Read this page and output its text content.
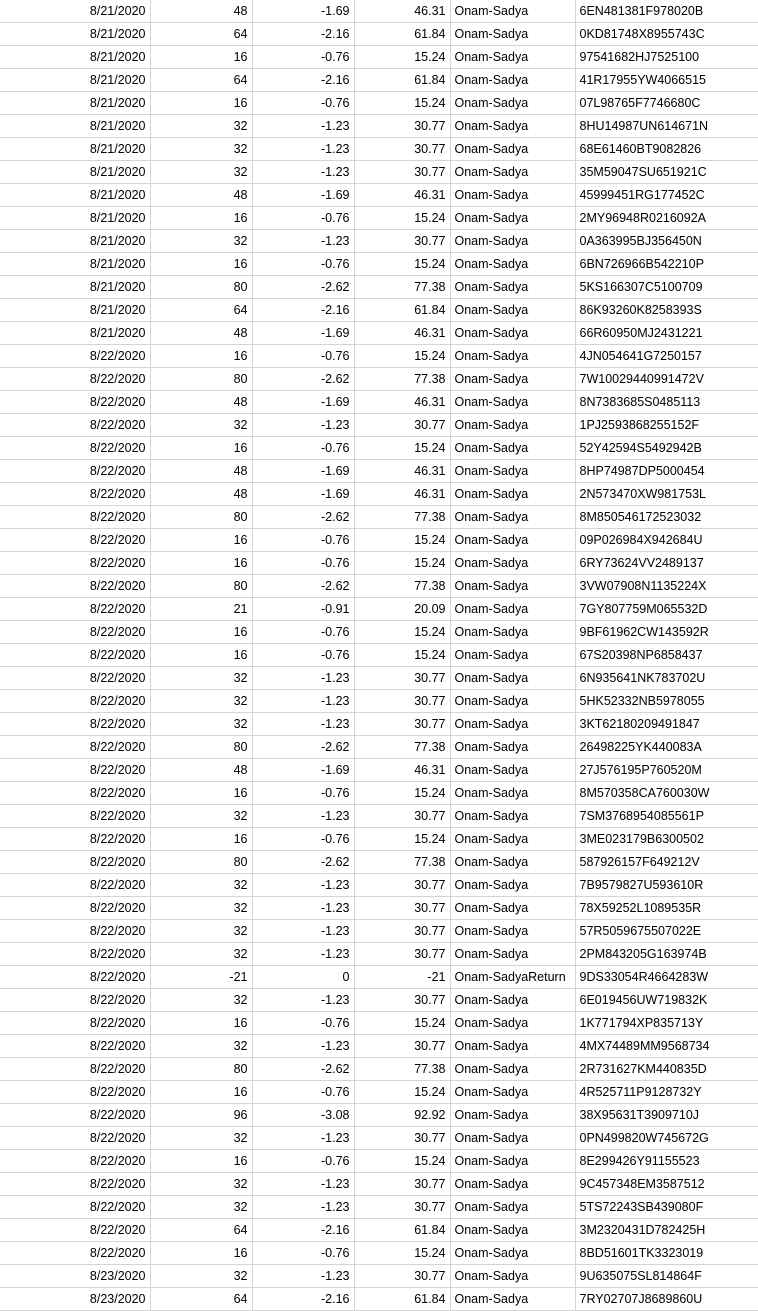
8/21/2020	48	-1.69	46.31	Onam-Sadya	6EN481381F978020B
8/21/2020	64	-2.16	61.84	Onam-Sadya	0KD81748X8955743C
8/21/2020	16	-0.76	15.24	Onam-Sadya	97541682HJ7525100
8/21/2020	64	-2.16	61.84	Onam-Sadya	41R17955YW4066515
8/21/2020	16	-0.76	15.24	Onam-Sadya	07L98765F7746680C
8/21/2020	32	-1.23	30.77	Onam-Sadya	8HU14987UN614671N
8/21/2020	32	-1.23	30.77	Onam-Sadya	68E61460BT9082826
8/21/2020	32	-1.23	30.77	Onam-Sadya	35M59047SU651921C
8/21/2020	48	-1.69	46.31	Onam-Sadya	45999451RG177452C
8/21/2020	16	-0.76	15.24	Onam-Sadya	2MY96948R0216092A
8/21/2020	32	-1.23	30.77	Onam-Sadya	0A363995BJ356450N
8/21/2020	16	-0.76	15.24	Onam-Sadya	6BN726966B542210P
8/21/2020	80	-2.62	77.38	Onam-Sadya	5KS166307C5100709
8/21/2020	64	-2.16	61.84	Onam-Sadya	86K93260K8258393S
8/21/2020	48	-1.69	46.31	Onam-Sadya	66R60950MJ2431221
8/22/2020	16	-0.76	15.24	Onam-Sadya	4JN054641G7250157
8/22/2020	80	-2.62	77.38	Onam-Sadya	7W10029440991472V
8/22/2020	48	-1.69	46.31	Onam-Sadya	8N7383685S0485113
8/22/2020	32	-1.23	30.77	Onam-Sadya	1PJ2593868255152F
8/22/2020	16	-0.76	15.24	Onam-Sadya	52Y42594S5492942B
8/22/2020	48	-1.69	46.31	Onam-Sadya	8HP74987DP5000454
8/22/2020	48	-1.69	46.31	Onam-Sadya	2N573470XW981753L
8/22/2020	80	-2.62	77.38	Onam-Sadya	8M850546172523032
8/22/2020	16	-0.76	15.24	Onam-Sadya	09P026984X942684U
8/22/2020	16	-0.76	15.24	Onam-Sadya	6RY73624VV2489137
8/22/2020	80	-2.62	77.38	Onam-Sadya	3VW07908N1135224X
8/22/2020	21	-0.91	20.09	Onam-Sadya	7GY807759M065532D
8/22/2020	16	-0.76	15.24	Onam-Sadya	9BF61962CW143592R
8/22/2020	16	-0.76	15.24	Onam-Sadya	67S20398NP6858437
8/22/2020	32	-1.23	30.77	Onam-Sadya	6N935641NK783702U
8/22/2020	32	-1.23	30.77	Onam-Sadya	5HK52332NB5978055
8/22/2020	32	-1.23	30.77	Onam-Sadya	3KT62180209491847
8/22/2020	80	-2.62	77.38	Onam-Sadya	26498225YK440083A
8/22/2020	48	-1.69	46.31	Onam-Sadya	27J576195P760520M
8/22/2020	16	-0.76	15.24	Onam-Sadya	8M570358CA760030W
8/22/2020	32	-1.23	30.77	Onam-Sadya	7SM3768954085561P
8/22/2020	16	-0.76	15.24	Onam-Sadya	3ME023179B6300502
8/22/2020	80	-2.62	77.38	Onam-Sadya	587926157F649212V
8/22/2020	32	-1.23	30.77	Onam-Sadya	7B9579827U593610R
8/22/2020	32	-1.23	30.77	Onam-Sadya	78X59252L1089535R
8/22/2020	32	-1.23	30.77	Onam-Sadya	57R5059675507022E
8/22/2020	32	-1.23	30.77	Onam-Sadya	2PM843205G163974B
8/22/2020	-21	0	-21	Onam-SadyaReturn	9DS33054R4664283W
8/22/2020	32	-1.23	30.77	Onam-Sadya	6E019456UW719832K
8/22/2020	16	-0.76	15.24	Onam-Sadya	1K771794XP835713Y
8/22/2020	32	-1.23	30.77	Onam-Sadya	4MX74489MM9568734
8/22/2020	80	-2.62	77.38	Onam-Sadya	2R731627KM440835D
8/22/2020	16	-0.76	15.24	Onam-Sadya	4R525711P9128732Y
8/22/2020	96	-3.08	92.92	Onam-Sadya	38X95631T3909710J
8/22/2020	32	-1.23	30.77	Onam-Sadya	0PN499820W745672G
8/22/2020	16	-0.76	15.24	Onam-Sadya	8E299426Y91155523
8/22/2020	32	-1.23	30.77	Onam-Sadya	9C457348EM3587512
8/22/2020	32	-1.23	30.77	Onam-Sadya	5TS72243SB439080F
8/22/2020	64	-2.16	61.84	Onam-Sadya	3M2320431D782425H
8/22/2020	16	-0.76	15.24	Onam-Sadya	8BD51601TK3323019
8/23/2020	32	-1.23	30.77	Onam-Sadya	9U635075SL814864F
8/23/2020	64	-2.16	61.84	Onam-Sadya	7RY02707J8689860U
